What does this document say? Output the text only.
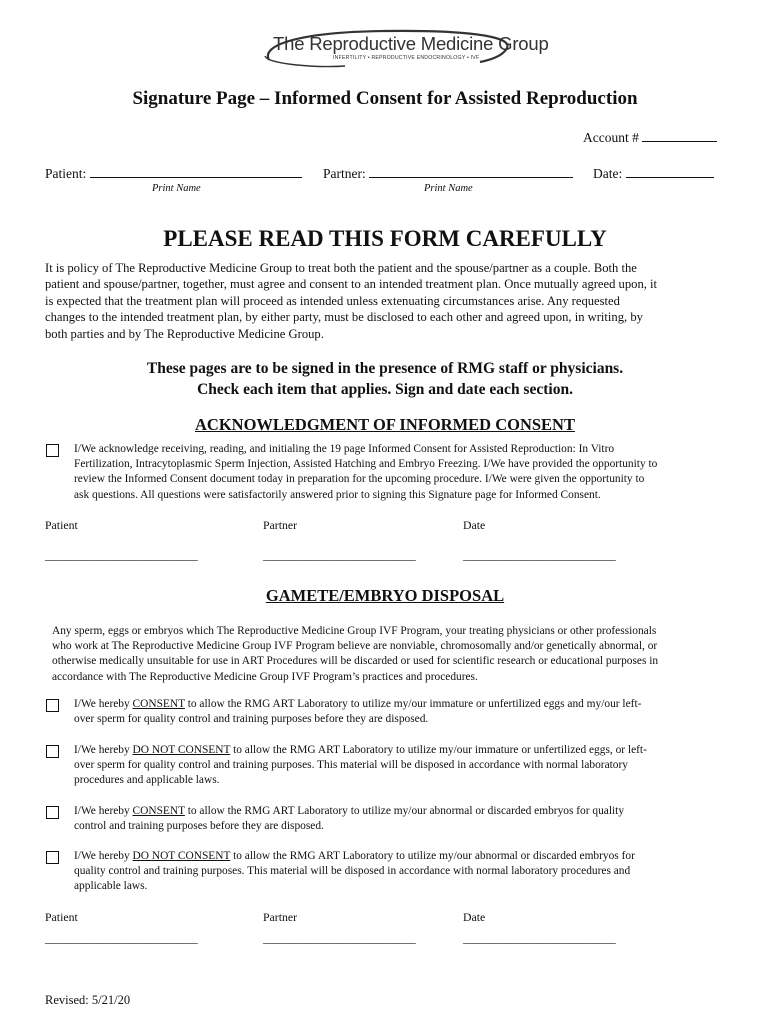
The Reproductive Medicine Group
INFERTILITY • REPRODUCTIVE ENDOCRINOLOGY • IVF
Signature Page – Informed Consent for Assisted Reproduction
Account #
Patient:	Partner:	Date:
Print Name	Print Name
PLEASE READ THIS FORM CAREFULLY
It is policy of The Reproductive Medicine Group to treat both the patient and the spouse/partner as a couple. Both the
patient and spouse/partner, together, must agree and consent to an intended treatment plan. Once mutually agreed upon, it
is expected that the treatment plan will proceed as intended unless extenuating circumstances arise. Any requested
changes to the intended treatment plan, by either party, must be disclosed to each other and agreed upon, in writing, by
both parties and by The Reproductive Medicine Group.
These pages are to be signed in the presence of RMG staff or physicians.
Check each item that applies. Sign and date each section.
ACKNOWLEDGMENT OF INFORMED CONSENT
I/We acknowledge receiving, reading, and initialing the 19 page Informed Consent for Assisted Reproduction: In Vitro
Fertilization, Intracytoplasmic Sperm Injection, Assisted Hatching and Embryo Freezing. I/We have provided the opportunity to
review the Informed Consent document today in preparation for the upcoming procedure. I/We were given the opportunity to
ask questions. All questions were satisfactorily answered prior to signing this Signature page for Informed Consent.
Patient	Partner	Date
_____________________________	_____________________________	_____________________________
GAMETE/EMBRYO DISPOSAL
Any sperm, eggs or embryos which The Reproductive Medicine Group IVF Program, your treating physicians or other professionals
who work at The Reproductive Medicine Group IVF Program believe are nonviable, chromosomally and/or genetically abnormal, or
otherwise medically unsuitable for use in ART Procedures will be discarded or used for scientific research or educational purposes in
accordance with The Reproductive Medicine Group IVF Program’s practices and procedures.
I/We hereby CONSENT to allow the RMG ART Laboratory to utilize my/our immature or unfertilized eggs and my/our left-
over sperm for quality control and training purposes before they are disposed.
I/We hereby DO NOT CONSENT to allow the RMG ART Laboratory to utilize my/our immature or unfertilized eggs, or left-
over sperm for quality control and training purposes. This material will be disposed in accordance with normal laboratory
procedures and applicable laws.
I/We hereby CONSENT to allow the RMG ART Laboratory to utilize my/our abnormal or discarded embryos for quality
control and training purposes before they are disposed.
I/We hereby DO NOT CONSENT to allow the RMG ART Laboratory to utilize my/our abnormal or discarded embryos for
quality control and training purposes. This material will be disposed in accordance with normal laboratory procedures and
applicable laws.
Patient	Partner	Date
_____________________________	_____________________________	_____________________________
Revised: 5/21/20
